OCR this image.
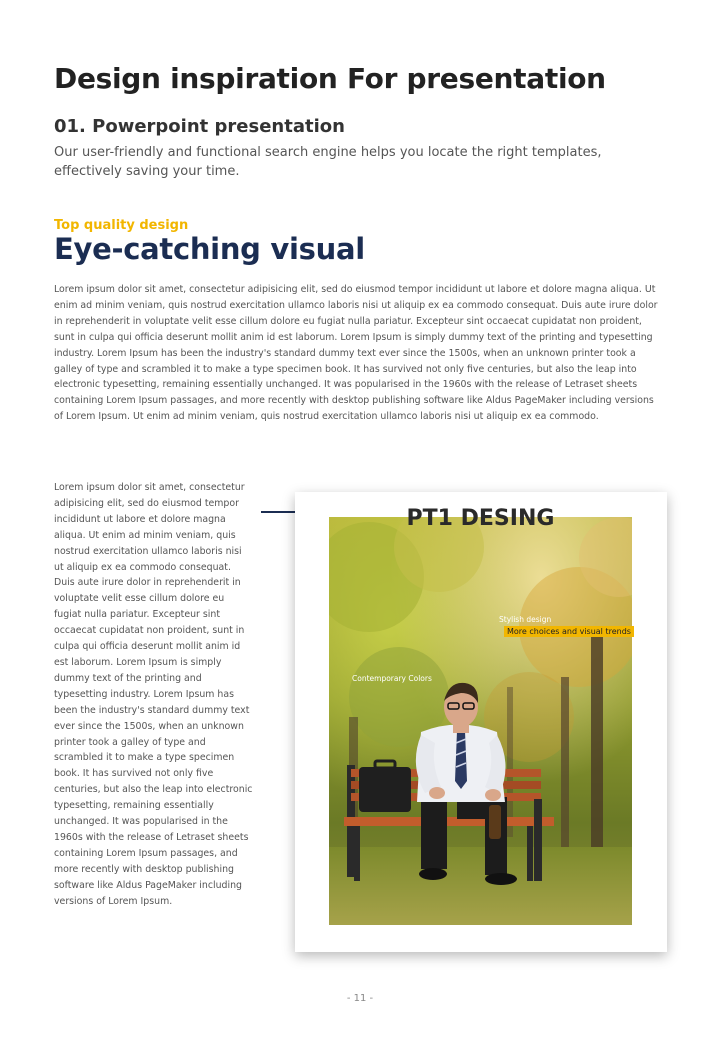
Design inspiration For presentation
01. Powerpoint presentation

Our user-friendly and functional search engine helps you locate the right templates, effectively saving your time.

Top quality design
Eye-catching visual

Lorem ipsum dolor sit amet, consectetur adipisicing elit, sed do eiusmod tempor incididunt ut labore et dolore magna aliqua. Ut enim ad minim veniam, quis nostrud exercitation ullamco laboris nisi ut aliquip ex ea commodo consequat. Duis aute irure dolor in reprehenderit in voluptate velit esse cillum dolore eu fugiat nulla pariatur. Excepteur sint occaecat cupidatat non proident, sunt in culpa qui officia deserunt mollit anim id est laborum. Lorem Ipsum is simply dummy text of the printing and typesetting industry. Lorem Ipsum has been the industry's standard dummy text ever since the 1500s, when an unknown printer took a galley of type and scrambled it to make a type specimen book. It has survived not only five centuries, but also the leap into electronic typesetting, remaining essentially unchanged. It was popularised in the 1960s with the release of Letraset sheets containing Lorem Ipsum passages, and more recently with desktop publishing software like Aldus PageMaker including versions of Lorem Ipsum. Ut enim ad minim veniam, quis nostrud exercitation ullamco laboris nisi ut aliquip ex ea commodo.

Lorem ipsum dolor sit amet, consectetur adipisicing elit, sed do eiusmod tempor incididunt ut labore et dolore magna aliqua. Ut enim ad minim veniam, quis nostrud exercitation ullamco laboris nisi ut aliquip ex ea commodo consequat. Duis aute irure dolor in reprehenderit in voluptate velit esse cillum dolore eu fugiat nulla pariatur. Excepteur sint occaecat cupidatat non proident, sunt in culpa qui officia deserunt mollit anim id est laborum. Lorem Ipsum is simply dummy text of the printing and typesetting industry. Lorem Ipsum has been the industry's standard dummy text ever since the 1500s, when an unknown printer took a galley of type and scrambled it to make a type specimen book. It has survived not only five centuries, but also the leap into electronic typesetting, remaining essentially unchanged. It was popularised in the 1960s with the release of Letraset sheets containing Lorem Ipsum passages, and more recently with desktop publishing software like Aldus PageMaker including versions of Lorem Ipsum.

PT1 DESING
Stylish design
More choices and visual trends
Contemporary Colors
- 11 -
